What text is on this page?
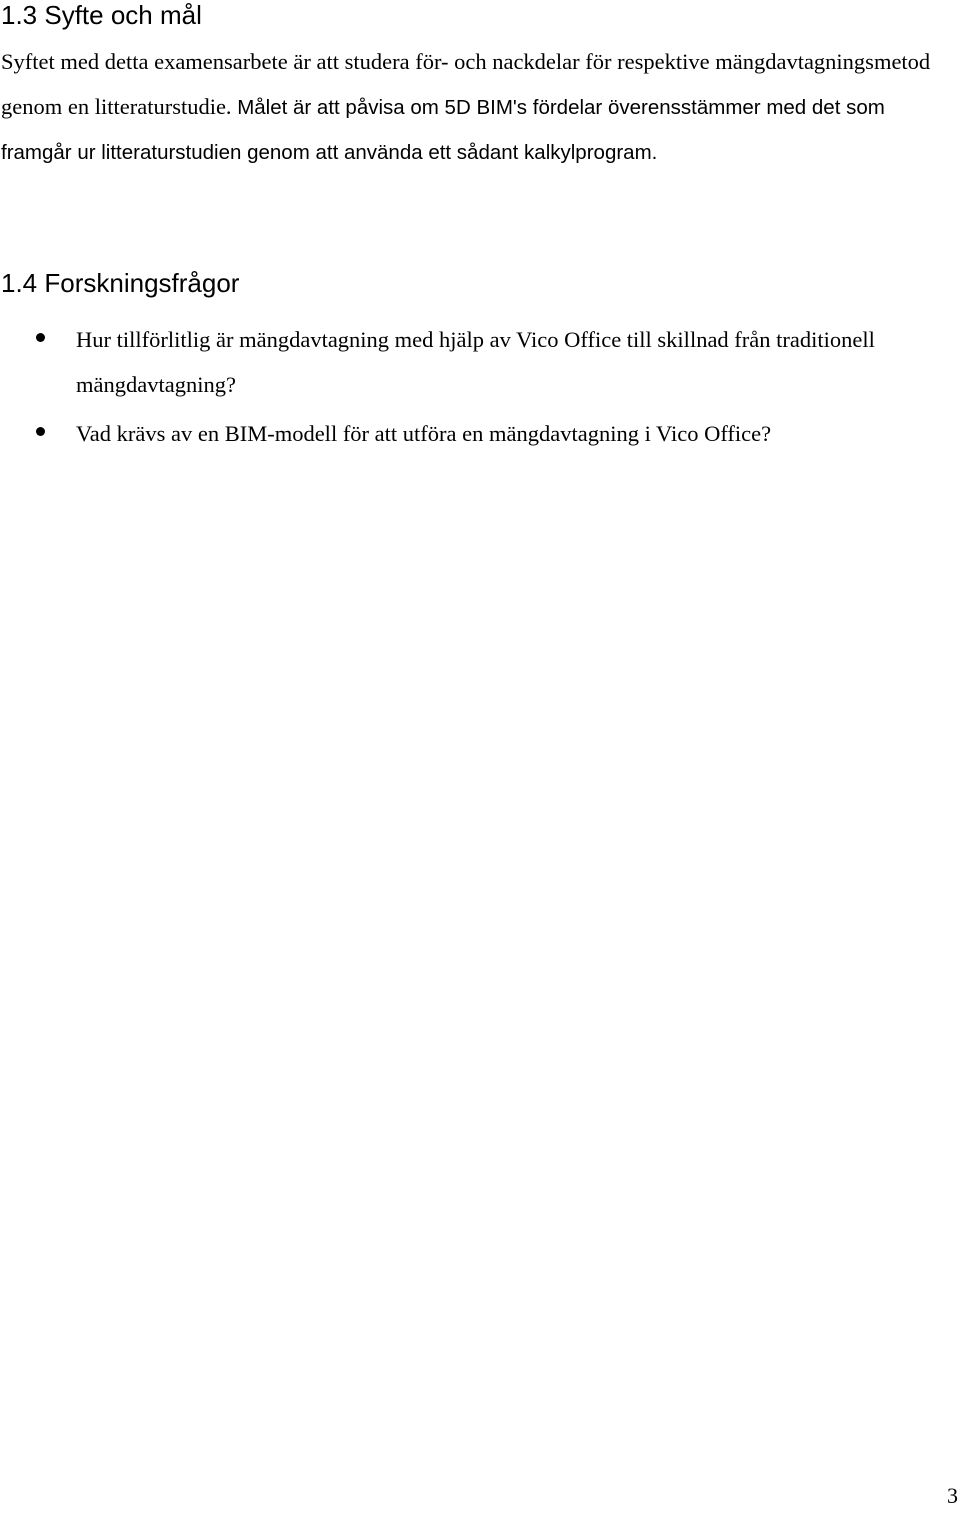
1.3 Syfte och mål

Syftet med detta examensarbete är att studera för- och nackdelar för respektive mängdavtagningsmetod genom en litteraturstudie. Målet är att påvisa om 5D BIM's fördelar överensstämmer med det som framgår ur litteraturstudien genom att använda ett sådant kalkylprogram.

1.4 Forskningsfrågor
Hur tillförlitlig är mängdavtagning med hjälp av Vico Office till skillnad från traditionell mängdavtagning?
Vad krävs av en BIM-modell för att utföra en mängdavtagning i Vico Office?
3
